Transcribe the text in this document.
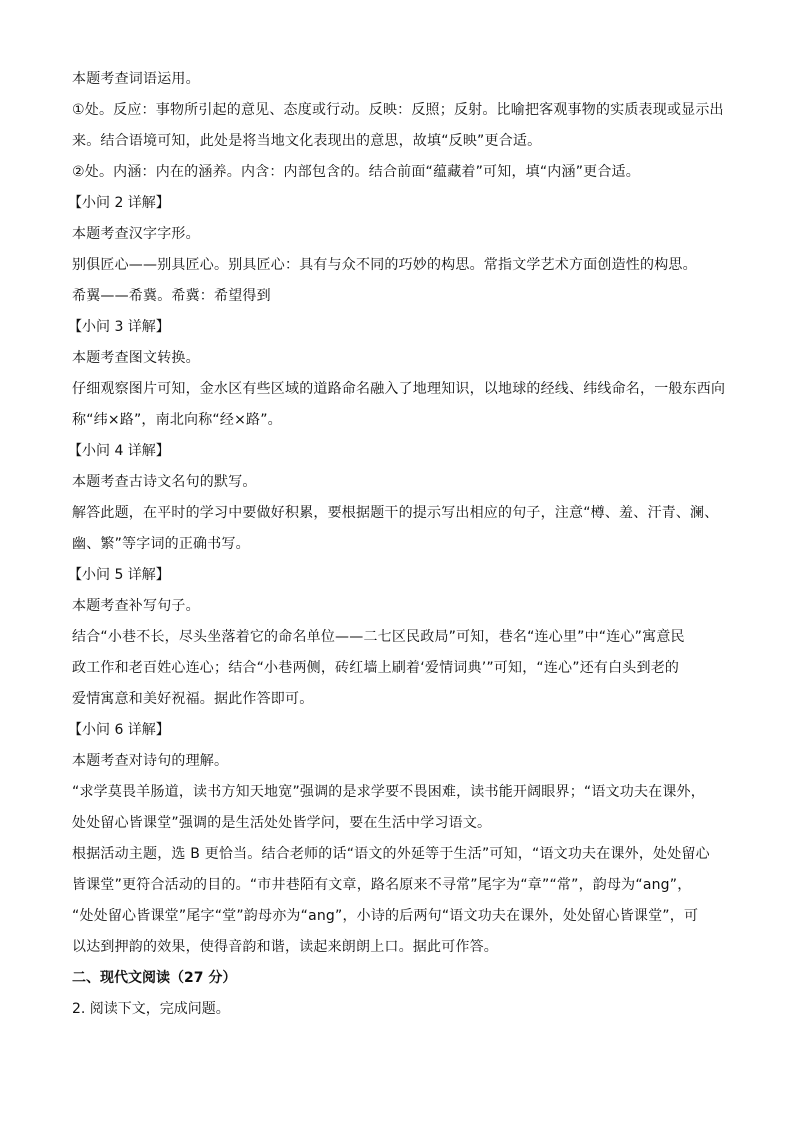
本题考查词语运用。
①处。反应：事物所引起的意见、态度或行动。反映：反照；反射。比喻把客观事物的实质表现或显示出
来。结合语境可知，此处是将当地文化表现出的意思，故填“反映”更合适。
②处。内涵：内在的涵养。内含：内部包含的。结合前面“蕴藏着”可知，填“内涵”更合适。
【小问 2 详解】
本题考查汉字字形。
别俱匠心——别具匠心。别具匠心：具有与众不同的巧妙的构思。常指文学艺术方面创造性的构思。
希翼——希冀。希冀：希望得到
【小问 3 详解】
本题考查图文转换。
仔细观察图片可知，金水区有些区域的道路命名融入了地理知识，以地球的经线、纬线命名，一般东西向
称“纬×路”，南北向称“经×路”。
【小问 4 详解】
本题考查古诗文名句的默写。
解答此题，在平时的学习中要做好积累，要根据题干的提示写出相应的句子，注意“樽、羞、汗青、澜、
幽、繁”等字词的正确书写。
【小问 5 详解】
本题考查补写句子。
结合“小巷不长，尽头坐落着它的命名单位——二七区民政局”可知，巷名“连心里”中“连心”寓意民
政工作和老百姓心连心；结合“小巷两侧，砖红墙上刷着‘爱情词典’”可知，“连心”还有白头到老的
爱情寓意和美好祝福。据此作答即可。
【小问 6 详解】
本题考查对诗句的理解。
“求学莫畏羊肠道，读书方知天地宽”强调的是求学要不畏困难，读书能开阔眼界；“语文功夫在课外，
处处留心皆课堂”强调的是生活处处皆学问，要在生活中学习语文。
根据活动主题，选 B 更恰当。结合老师的话“语文的外延等于生活”可知，“语文功夫在课外，处处留心
皆课堂”更符合活动的目的。“市井巷陌有文章，路名原来不寻常”尾字为“章”“常”，韵母为“ang”，
“处处留心皆课堂”尾字“堂”韵母亦为“ang”，小诗的后两句“语文功夫在课外，处处留心皆课堂”，可
以达到押韵的效果，使得音韵和谐，读起来朗朗上口。据此可作答。
二、现代文阅读（27 分）
2. 阅读下文，完成问题。
